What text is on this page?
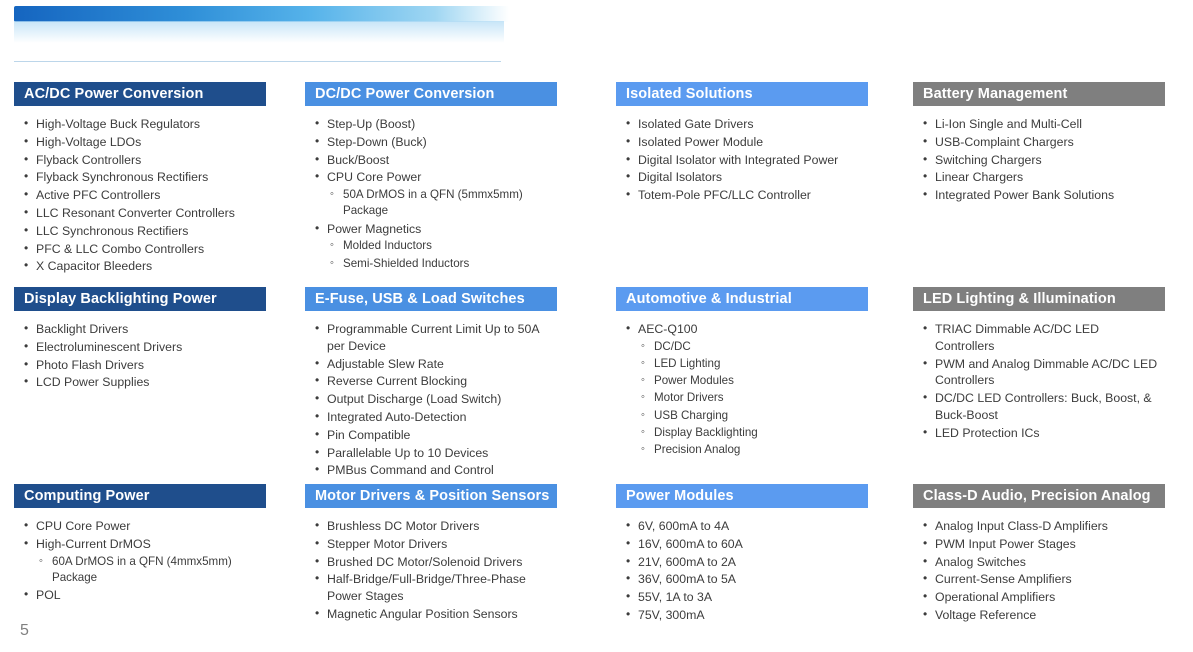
AC/DC Power Conversion
• High-Voltage Buck Regulators
• High-Voltage LDOs
• Flyback Controllers
• Flyback Synchronous Rectifiers
• Active PFC Controllers
• LLC Resonant Converter Controllers
• LLC Synchronous Rectifiers
• PFC & LLC Combo Controllers
• X Capacitor Bleeders
DC/DC Power Conversion
• Step-Up (Boost)
• Step-Down (Buck)
• Buck/Boost
• CPU Core Power
◦ 50A DrMOS in a QFN (5mmx5mm) Package
• Power Magnetics
◦ Molded Inductors
◦ Semi-Shielded Inductors
Isolated Solutions
• Isolated Gate Drivers
• Isolated Power Module
• Digital Isolator with Integrated Power
• Digital Isolators
• Totem-Pole PFC/LLC Controller
Battery Management
• Li-Ion Single and Multi-Cell
• USB-Complaint Chargers
• Switching Chargers
• Linear Chargers
• Integrated Power Bank Solutions
Display Backlighting Power
• Backlight Drivers
• Electroluminescent Drivers
• Photo Flash Drivers
• LCD Power Supplies
E-Fuse, USB & Load Switches
• Programmable Current Limit Up to 50A per Device
• Adjustable Slew Rate
• Reverse Current Blocking
• Output Discharge (Load Switch)
• Integrated Auto-Detection
• Pin Compatible
• Parallelable Up to 10 Devices
• PMBus Command and Control
Automotive & Industrial
• AEC-Q100
◦ DC/DC
◦ LED Lighting
◦ Power Modules
◦ Motor Drivers
◦ USB Charging
◦ Display Backlighting
◦ Precision Analog
LED Lighting & Illumination
• TRIAC Dimmable AC/DC LED Controllers
• PWM and Analog Dimmable AC/DC LED Controllers
• DC/DC LED Controllers: Buck, Boost, & Buck-Boost
• LED Protection ICs
Computing Power
• CPU Core Power
• High-Current DrMOS
◦ 60A DrMOS in a QFN (4mmx5mm) Package
• POL
Motor Drivers & Position Sensors
• Brushless DC Motor Drivers
• Stepper Motor Drivers
• Brushed DC Motor/Solenoid Drivers
• Half-Bridge/Full-Bridge/Three-Phase Power Stages
• Magnetic Angular Position Sensors
Power Modules
• 6V, 600mA to 4A
• 16V, 600mA to 60A
• 21V, 600mA to 2A
• 36V, 600mA to 5A
• 55V, 1A to 3A
• 75V, 300mA
Class-D Audio, Precision Analog
• Analog Input Class-D Amplifiers
• PWM Input Power Stages
• Analog Switches
• Current-Sense Amplifiers
• Operational Amplifiers
• Voltage Reference
5
